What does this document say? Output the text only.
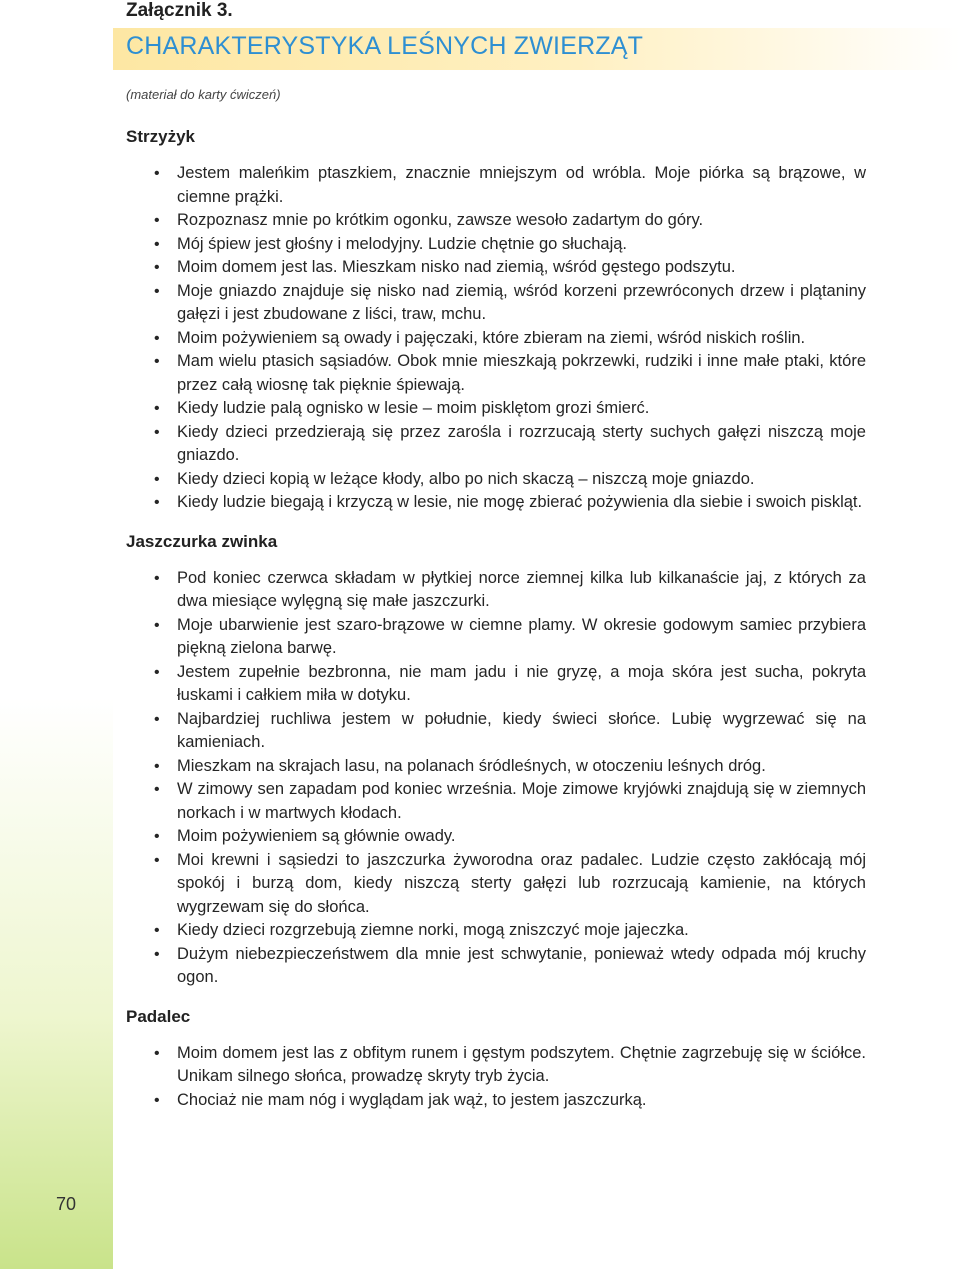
70
Załącznik 3.
CHARAKTERYSTYKA LEŚNYCH ZWIERZĄT
(materiał do karty ćwiczeń)
Strzyżyk
• Jestem maleńkim ptaszkiem, znacznie mniejszym od wróbla. Moje piórka są brązowe, w ciemne prążki.
• Rozpoznasz mnie po krótkim ogonku, zawsze wesoło zadartym do góry.
• Mój śpiew jest głośny i melodyjny. Ludzie chętnie go słuchają.
• Moim domem jest las. Mieszkam nisko nad ziemią, wśród gęstego podszytu.
• Moje gniazdo znajduje się nisko nad ziemią, wśród korzeni przewróconych drzew i plątaniny gałęzi i jest zbudowane z liści, traw, mchu.
• Moim pożywieniem są owady i pajęczaki, które zbieram na ziemi, wśród niskich roślin.
• Mam wielu ptasich sąsiadów. Obok mnie mieszkają pokrzewki, rudziki i inne małe ptaki, które przez całą wiosnę tak pięknie śpiewają.
• Kiedy ludzie palą ognisko w lesie – moim pisklętom grozi śmierć.
• Kiedy dzieci przedzierają się przez zarośla i rozrzucają sterty suchych gałęzi niszczą moje gniazdo.
• Kiedy dzieci kopią w leżące kłody, albo po nich skaczą – niszczą moje gniazdo.
• Kiedy ludzie biegają i krzyczą w lesie, nie mogę zbierać pożywienia dla siebie i swoich piskląt.
Jaszczurka zwinka
• Pod koniec czerwca składam w płytkiej norce ziemnej kilka lub kilkanaście jaj, z których za dwa miesiące wylęgną się małe jaszczurki.
• Moje ubarwienie jest szaro-brązowe w ciemne plamy. W okresie godowym samiec przybiera piękną zielona barwę.
• Jestem zupełnie bezbronna, nie mam jadu i nie gryzę, a moja skóra jest sucha, pokryta łuskami i całkiem miła w dotyku.
• Najbardziej ruchliwa jestem w południe, kiedy świeci słońce. Lubię wygrzewać się na kamieniach.
• Mieszkam na skrajach lasu, na polanach śródleśnych, w otoczeniu leśnych dróg.
• W zimowy sen zapadam pod koniec września. Moje zimowe kryjówki znajdują się w ziemnych norkach i w martwych kłodach.
• Moim pożywieniem są głównie owady.
• Moi krewni i sąsiedzi to jaszczurka żyworodna oraz padalec. Ludzie często zakłócają mój spokój i burzą dom, kiedy niszczą sterty gałęzi lub rozrzucają kamienie, na których wygrzewam się do słońca.
• Kiedy dzieci rozgrzebują ziemne norki, mogą zniszczyć moje jajeczka.
• Dużym niebezpieczeństwem dla mnie jest schwytanie, ponieważ wtedy odpada mój kruchy ogon.
Padalec
• Moim domem jest las z obfitym runem i gęstym podszytem. Chętnie zagrzebuję się w ściółce. Unikam silnego słońca, prowadzę skryty tryb życia.
• Chociaż nie mam nóg i wyglądam jak wąż, to jestem jaszczurką.
